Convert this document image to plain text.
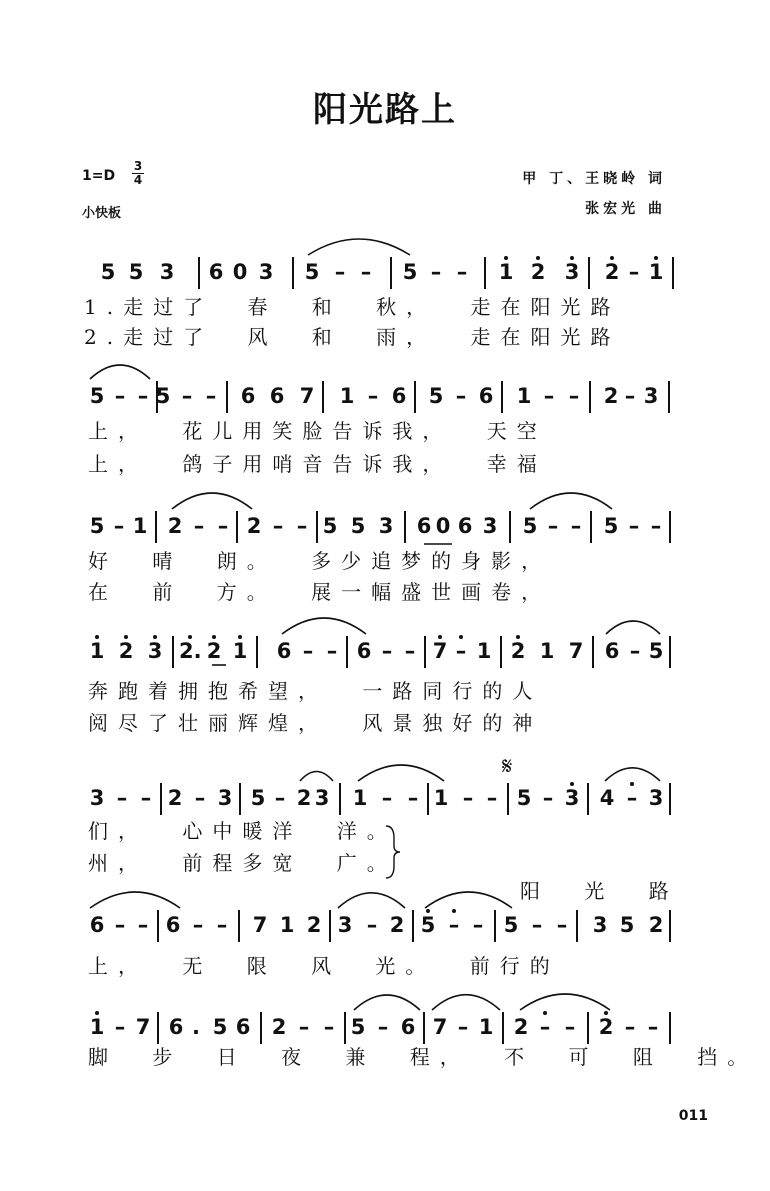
阳光路上
1=D
3
4
小快板
甲 丁、王晓岭 词
张宏光 曲
5 5 3 6 0 3 5 – – 5 – – 1 2 3 2 – 1
1.走过了 春 和 秋， 走在阳光路
2.走过了 风 和 雨， 走在阳光路
5 – – 5 – – 6 6 7 1 – 6 5 – 6 1 – – 2 – 3
上， 花儿用笑脸告诉我， 天空
上， 鸽子用哨音告诉我， 幸福
5 – 1 2 – – 2 – – 5 5 3 6 0 6 3 5 – – 5 – –
好 晴 朗。 多少追梦的身影，
在 前 方。 展一幅盛世画卷，
1 2 3 2. 2 1 6 – – 6 – – 7 – 1 2 1 7 6 – 5
奔跑着拥抱希望， 一路同行的人
阅尽了壮丽辉煌， 风景独好的神
3 – – 2 – 3 5 – 2 3 1 – – 1 – – 5 – 3 4 – 3
们， 心中暖洋 洋。
州， 前程多宽 广。
阳 光 路
6 – – 6 – – 7 1 2 3 – 2 5 – – 5 – – 3 5 2
上， 无 限 风 光。 前行的
1 – 7 6 . 5 6 2 – – 5 – 6 7 – 1 2 – – 2 – –
脚 步 日 夜 兼 程， 不 可 阻 挡。
𝄋
011
